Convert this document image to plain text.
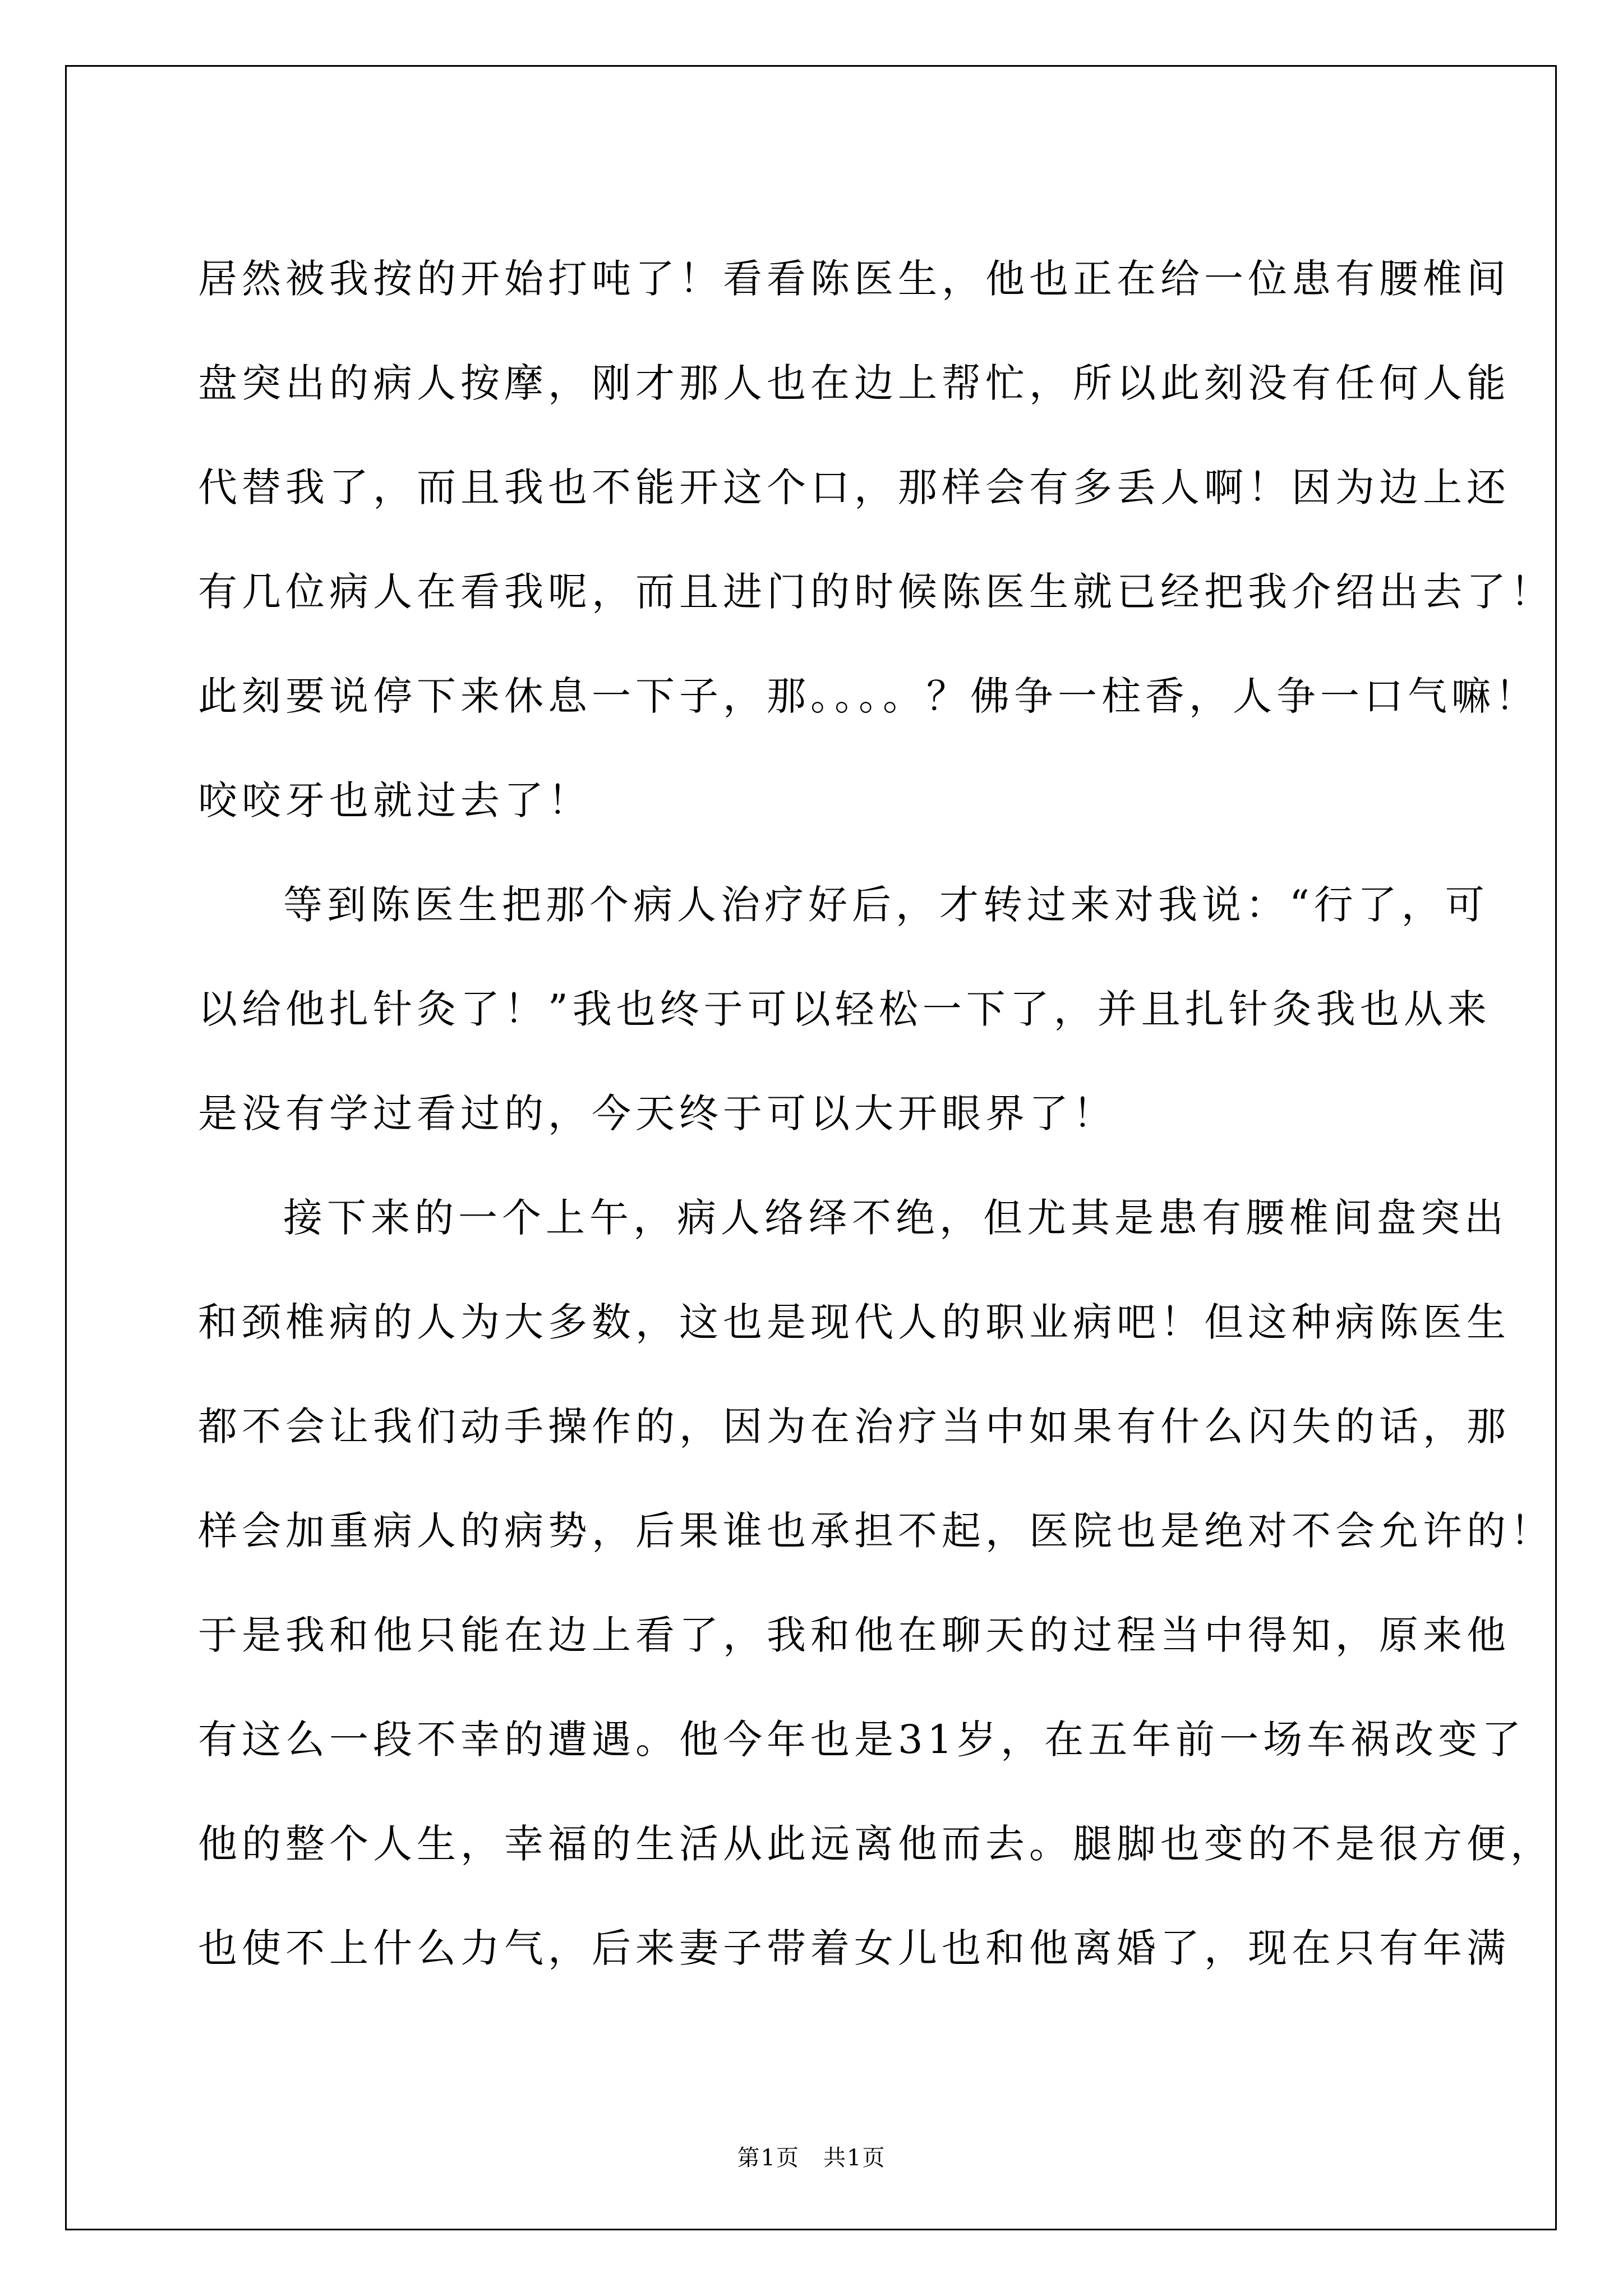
居然被我按的开始打吨了！看看陈医生，他也正在给一位患有腰椎间
盘突出的病人按摩，刚才那人也在边上帮忙，所以此刻没有任何人能
代替我了，而且我也不能开这个口，那样会有多丢人啊！因为边上还
有几位病人在看我呢，而且进门的时候陈医生就已经把我介绍出去了！
此刻要说停下来休息一下子，那。。。。？佛争一柱香，人争一口气嘛！
咬咬牙也就过去了！
等到陈医生把那个病人治疗好后，才转过来对我说：“行了，可
以给他扎针灸了！”我也终于可以轻松一下了，并且扎针灸我也从来
是没有学过看过的，今天终于可以大开眼界了！
接下来的一个上午，病人络绎不绝，但尤其是患有腰椎间盘突出
和颈椎病的人为大多数，这也是现代人的职业病吧！但这种病陈医生
都不会让我们动手操作的，因为在治疗当中如果有什么闪失的话，那
样会加重病人的病势，后果谁也承担不起，医院也是绝对不会允许的！
于是我和他只能在边上看了，我和他在聊天的过程当中得知，原来他
有这么一段不幸的遭遇。他今年也是31岁，在五年前一场车祸改变了
他的整个人生，幸福的生活从此远离他而去。腿脚也变的不是很方便，
也使不上什么力气，后来妻子带着女儿也和他离婚了，现在只有年满
第1页　共1页
